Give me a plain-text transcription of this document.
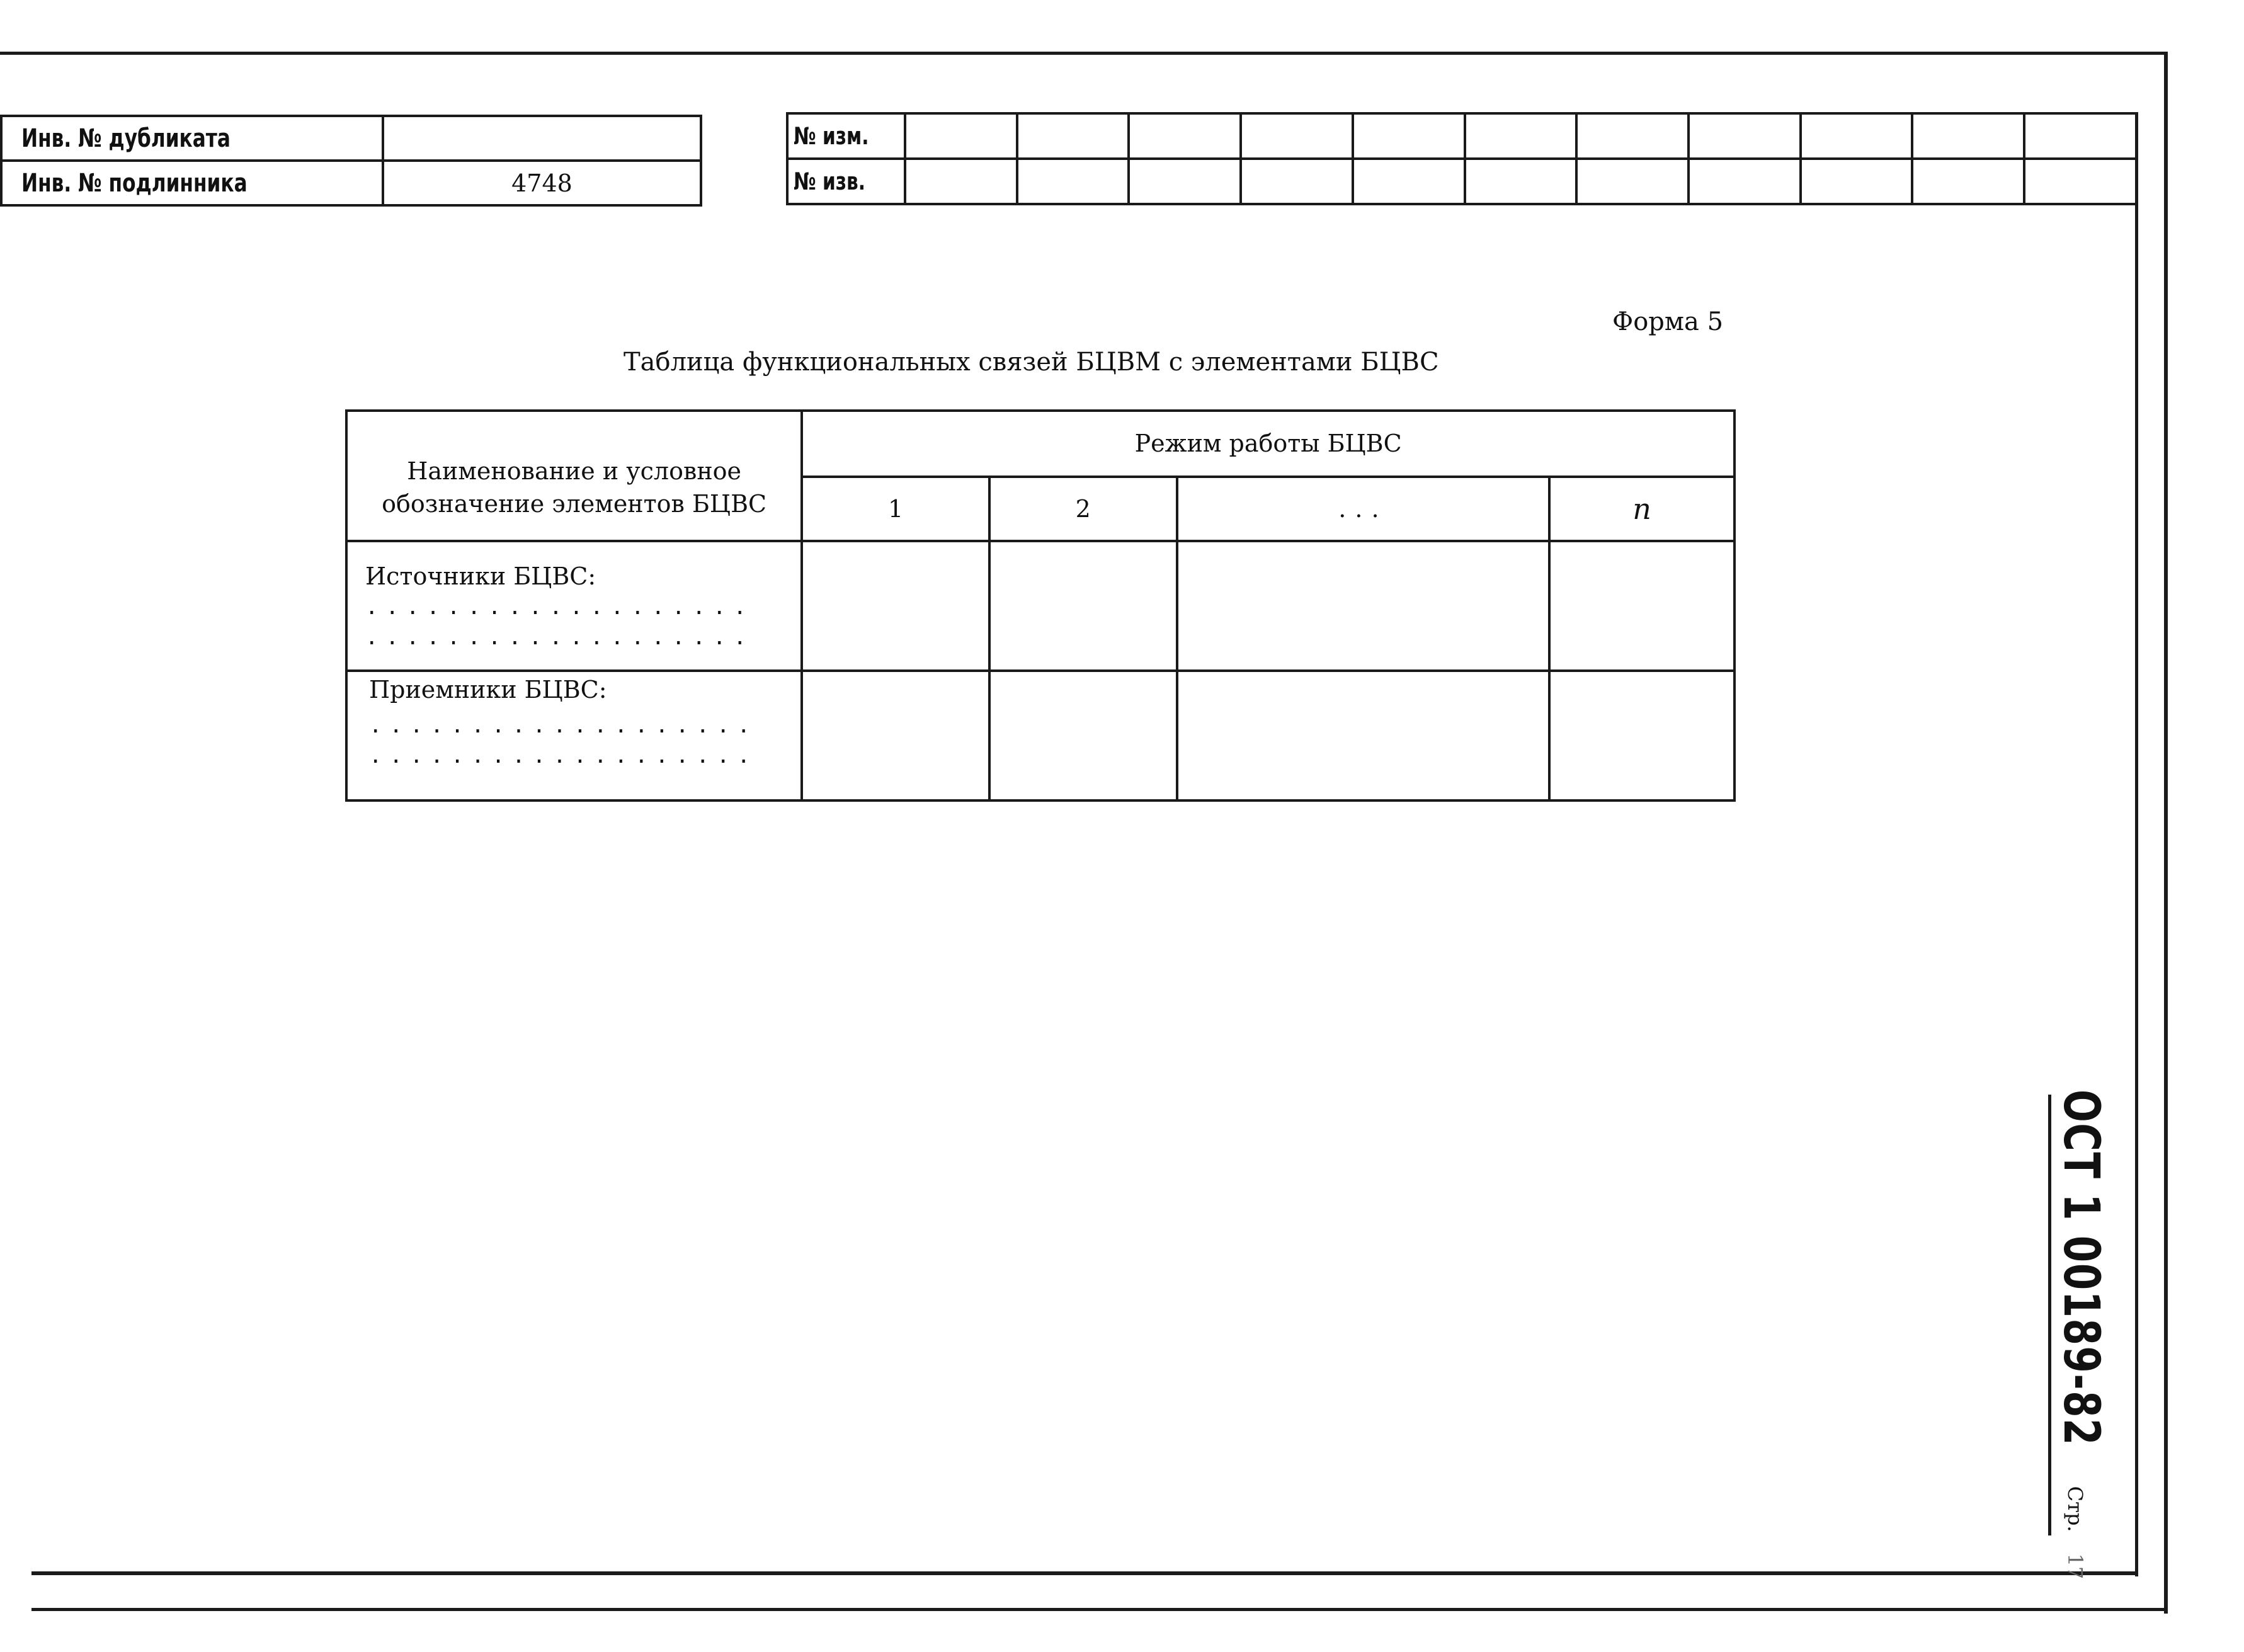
Инв. № дубликата	
Инв. № подлинника	4748
№ изм.											
№ изв.											
Форма 5
Таблица функциональных связей БЦВМ с элементами БЦВС
Наименование и условное
обозначение элементов БЦВС	Режим работы БЦВС			
	1	2	...	n

Источники БЦВС:
...................
...................				

Приемники БЦВС:
...................
...................				

ОСТ 1 00189-82 Стр. 17
